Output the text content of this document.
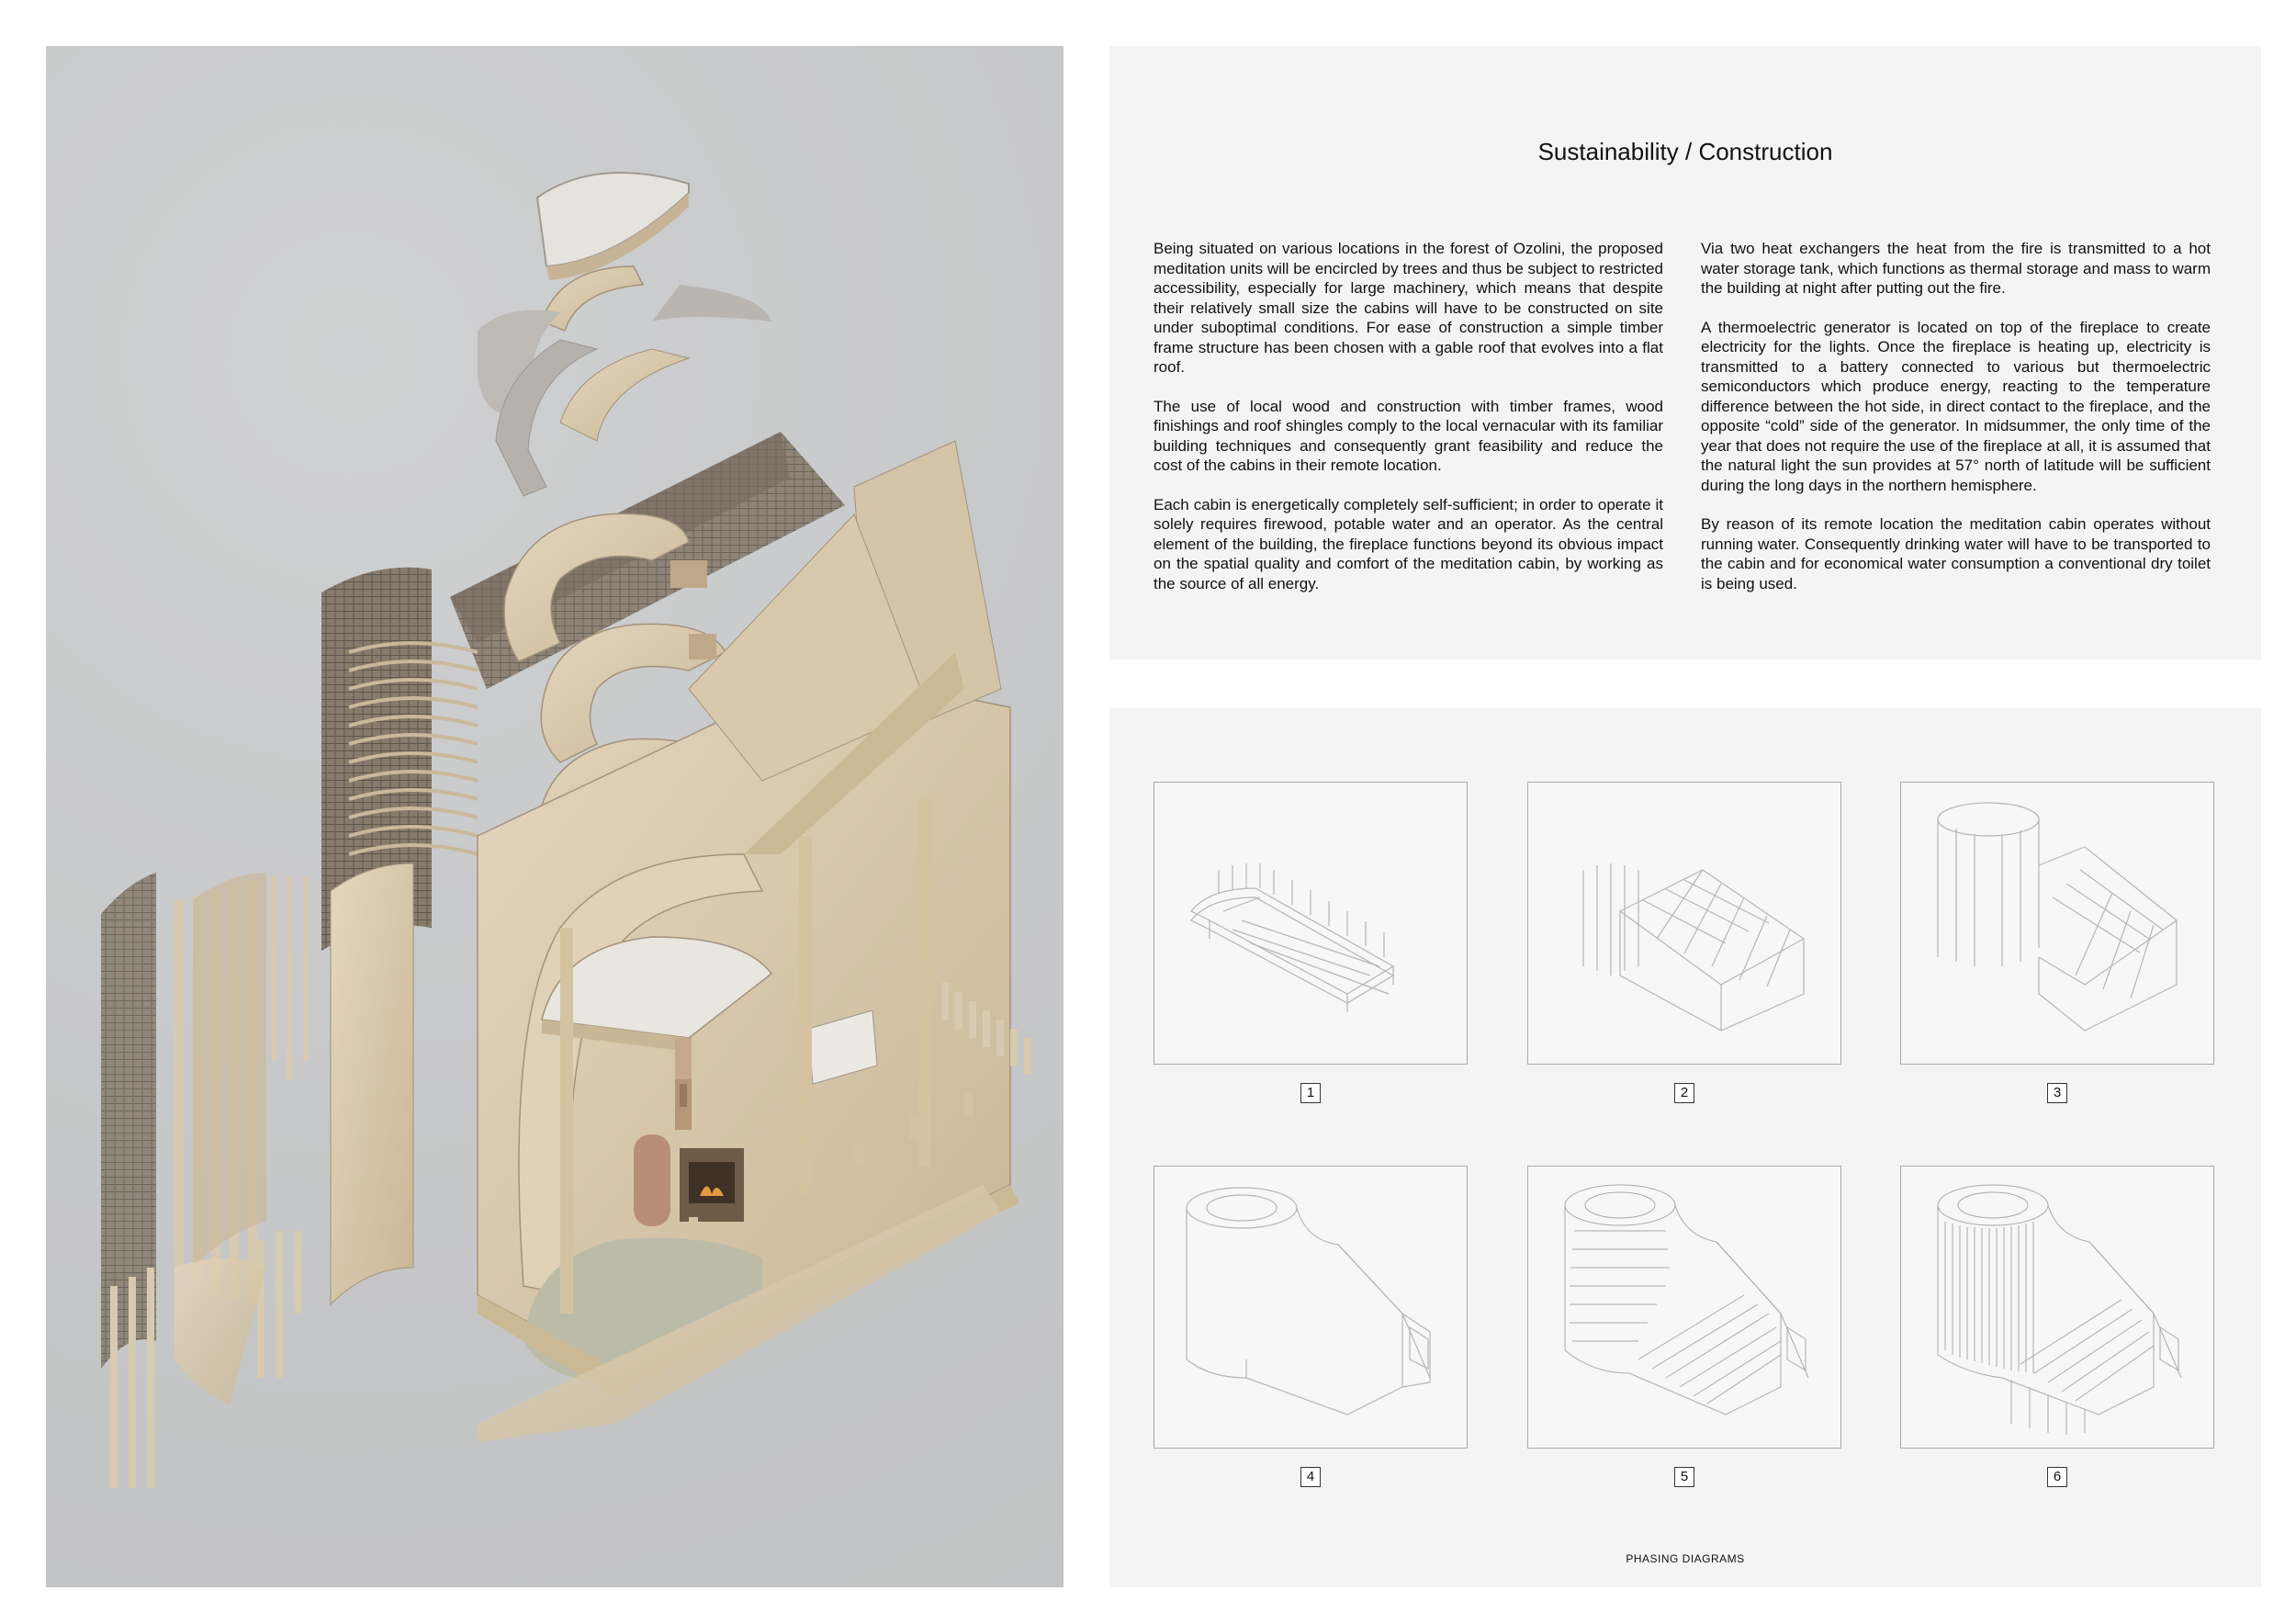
Sustainability / Construction

Being situated on various locations in the forest of Ozolini, the proposed meditation units will be encircled by trees and thus be subject to restricted accessibility, especially for large machinery, which means that despite their relatively small size the cabins will have to be constructed on site under suboptimal conditions. For ease of construction a simple timber frame structure has been chosen with a gable roof that evolves into a flat roof.

The use of local wood and construction with timber frames, wood finishings and roof shingles comply to the local vernacular with its familiar building techniques and consequently grant feasibility and reduce the cost of the cabins in their remote location.

Each cabin is energetically completely self-sufficient; in order to operate it solely requires firewood, potable water and an operator. As the central element of the building, the fireplace functions beyond its obvious impact on the spatial quality and comfort of the meditation cabin, by working as the source of all energy.

Via two heat exchangers the heat from the fire is transmitted to a hot water storage tank, which functions as thermal storage and mass to warm the building at night after putting out the fire.

A thermoelectric generator is located on top of the fireplace to create electricity for the lights. Once the fireplace is heating up, electricity is transmitted to a battery connected to various but thermoelectric semiconductors which produce energy, reacting to the temperature difference between the hot side, in direct contact to the fireplace, and the opposite “cold” side of the generator. In midsummer, the only time of the year that does not require the use of the fireplace at all, it is assumed that the natural light the sun provides at 57° north of latitude will be sufficient during the long days in the northern hemisphere.

By reason of its remote location the meditation cabin operates without running water. Consequently drinking water will have to be transported to the cabin and for economical water consumption a conventional dry toilet is being used.

1	2	3
4	5	6
PHASING DIAGRAMS
